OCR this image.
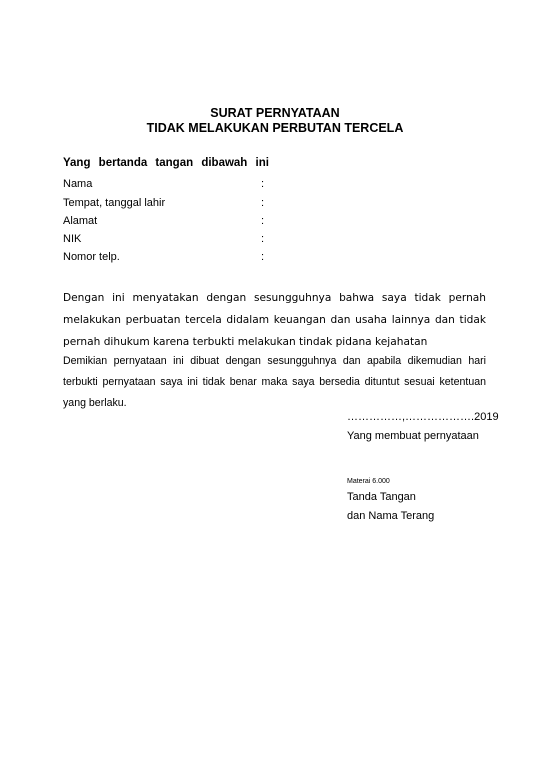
SURAT PERNYATAAN
TIDAK MELAKUKAN PERBUTAN TERCELA
Yang bertanda tangan dibawah ini
Nama	:
Tempat, tanggal lahir	:
Alamat	:
NIK	:
Nomor telp.	:
Dengan ini menyatakan dengan sesungguhnya bahwa saya tidak pernah melakukan perbuatan tercela didalam keuangan dan usaha lainnya dan tidak pernah dihukum karena terbukti melakukan tindak pidana kejahatan
Demikian pernyataan ini dibuat dengan sesungguhnya dan apabila dikemudian hari terbukti pernyataan saya ini tidak benar maka saya bersedia dituntut sesuai ketentuan yang berlaku.
……………,……………….2019
Yang membuat pernyataan
Materai 6.000
Tanda Tangan
dan Nama Terang
